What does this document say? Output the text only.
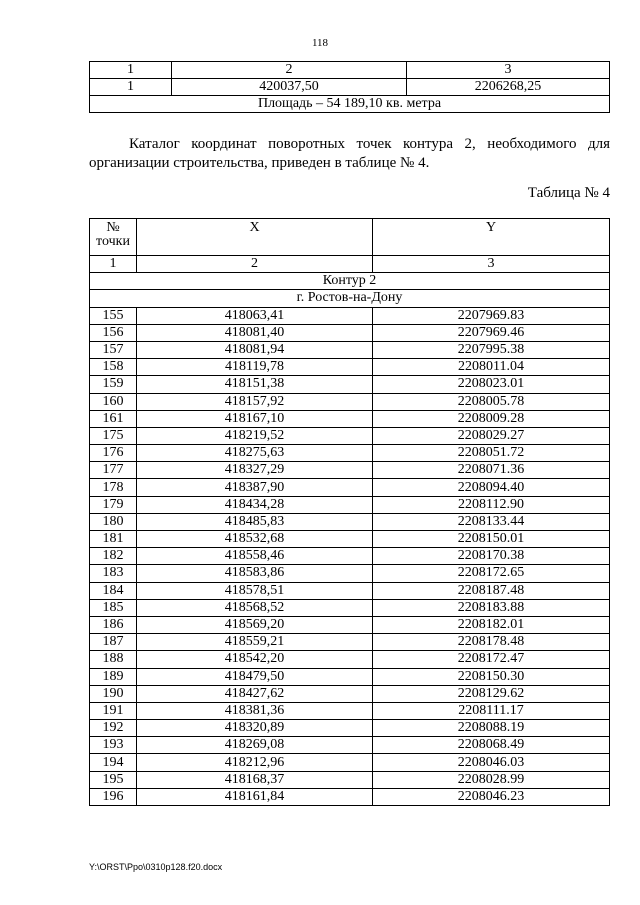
118
1	2	3
1	420037,50	2206268,25
Площадь – 54 189,10 кв. метра		
Каталог координат поворотных точек контура 2, необходимого для организации строительства, приведен в таблице № 4.
Таблица № 4
№ точки	X	Y
1	2	3
Контур 2		
г. Ростов-на-Дону		
155	418063,41	2207969.83
156	418081,40	2207969.46
157	418081,94	2207995.38
158	418119,78	2208011.04
159	418151,38	2208023.01
160	418157,92	2208005.78
161	418167,10	2208009.28
175	418219,52	2208029.27
176	418275,63	2208051.72
177	418327,29	2208071.36
178	418387,90	2208094.40
179	418434,28	2208112.90
180	418485,83	2208133.44
181	418532,68	2208150.01
182	418558,46	2208170.38
183	418583,86	2208172.65
184	418578,51	2208187.48
185	418568,52	2208183.88
186	418569,20	2208182.01
187	418559,21	2208178.48
188	418542,20	2208172.47
189	418479,50	2208150.30
190	418427,62	2208129.62
191	418381,36	2208111.17
192	418320,89	2208088.19
193	418269,08	2208068.49
194	418212,96	2208046.03
195	418168,37	2208028.99
196	418161,84	2208046.23
Y:\ORST\Ppo\0310p128.f20.docx
